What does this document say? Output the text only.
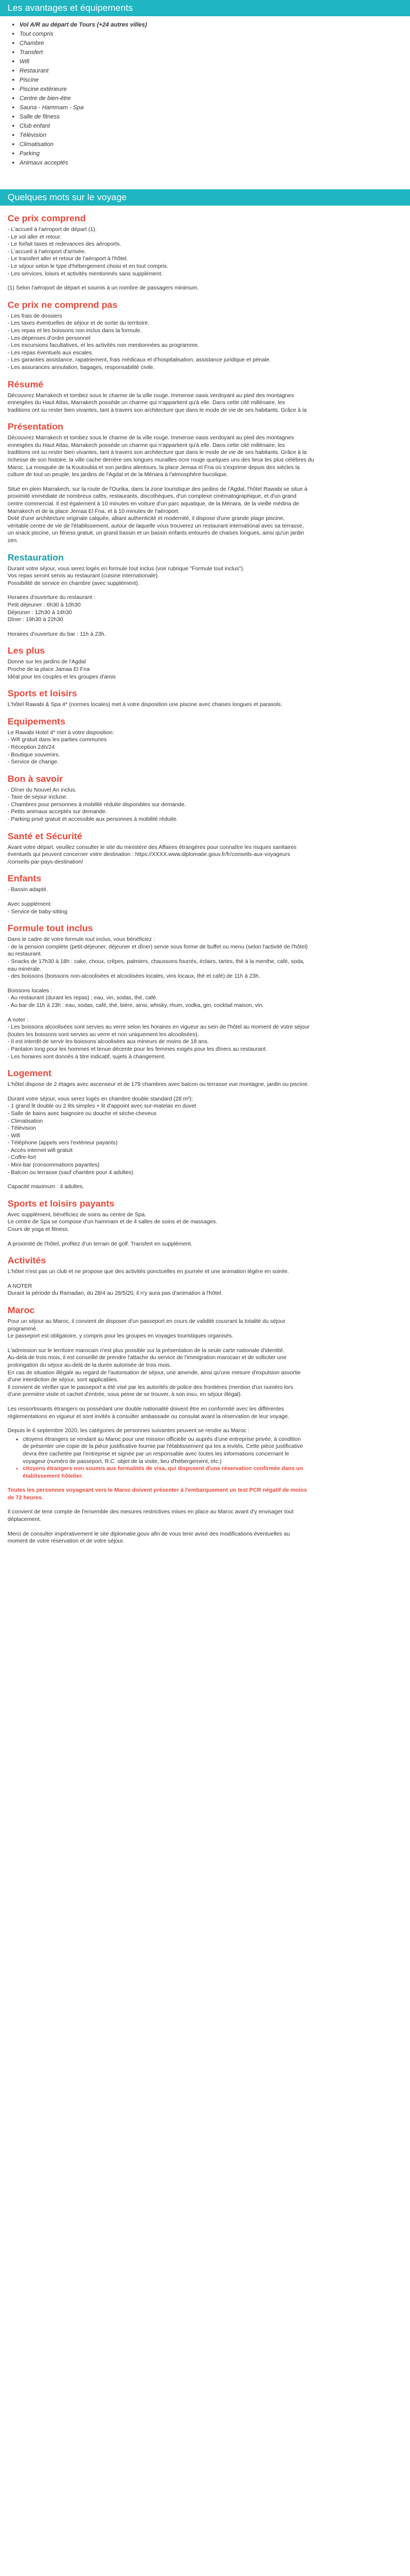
Les avantages et équipements
▪ Vol A/R au départ de Tours (+24 autres villes)
▪ Tout compris
▪ Chambre
▪ Transfert
▪ Wifi
▪ Restaurant
▪ Piscine
▪ Piscine extérieure
▪ Centre de bien-être
▪ Sauna - Hammam - Spa
▪ Salle de fitness
▪ Club enfant
▪ Télévision
▪ Climatisation
▪ Parking
▪ Animaux acceptés
Quelques mots sur le voyage
Ce prix comprend

- L'accueil à l'aéroport de départ (1).

- Le vol aller et retour.

- Le forfait taxes et redevances des aéroports.

- L'accueil à l'aéroport d'arrivée.

- Le transfert aller et retour de l'aéroport à l'hôtel.

- Le séjour selon le type d'hébergement choisi et en tout compris.

- Les services, loisirs et activités mentionnés sans supplément.

(1) Selon l'aéroport de départ et soumis à un nombre de passagers minimum.

Ce prix ne comprend pas

- Les frais de dossiers

- Les taxes éventuelles de séjour et de sortie du territoire.

- Les repas et les boissons non inclus dans la formule.

- Les dépenses d'ordre personnel

- Les excursions facultatives, et les activités non mentionnées au programme.

- Les repas éventuels aux escales.

- Les garanties assistance, rapatriement, frais médicaux et d'hospitalisation, assistance juridique et pénale.

- Les assurances annulation, bagages, responsabilité civile.

Résumé

Découvrez Marrakech et tombez sous le charme de la ville rouge. Immense oasis verdoyant au pied des montagnes

enneigées du Haut Atlas, Marrakech possède un charme qui n'appartient qu'à elle. Dans cette cité millénaire, les

traditions ont su rester bien vivantes, tant à travers son architecture que dans le mode de vie de ses habitants. Grâce à la

Présentation

Découvrez Marrakech et tombez sous le charme de la ville rouge. Immense oasis verdoyant au pied des montagnes

enneigées du Haut Atlas, Marrakech possède un charme qui n'appartient qu'à elle. Dans cette cité millénaire, les

traditions ont su rester bien vivantes, tant à travers son architecture que dans le mode de vie de ses habitants. Grâce à la

richesse de son histoire, la ville cache derrière ses longues murailles ocre rouge quelques uns des lieux les plus célèbres du

Maroc. La mosquée de la Koutoubia et son jardins alentours, la place Jemaa el Fna où s'exprime depuis des siècles la

culture de tout un peuple, les jardins de l'Agdal et de la Ménara à l'atmosphère bucolique.

Situé en plein Marrakech, sur la route de l'Ourika, dans la zone touristique des jardins de l'Agdal, l'hôtel Rawabi se situe à

proximité immédiate de nombreux cafés, restaurants, discothèques, d'un complexe cinématographique, et d'un grand

centre commercial. Il est également à 10 minutes en voiture d'un parc aquatique, de la Ménara, de la vieille médina de

Marrakech et de la place Jemaa El Fna, et à 10 minutes de l'aéroport.

Doté d'une architecture originale calquée, alliant authenticité et modernité, il dispose d'une grande plage piscine,

véritable centre de vie de l'établissement, autour de laquelle vous trouverez un restaurant international avec sa terrasse,

un snack piscine, un fitness gratuit, un grand bassin et un bassin enfants entourés de chaises longues, ainsi qu'un jardin

zen.

Restauration

Durant votre séjour, vous serez logés en formule tout inclus (voir rubrique "Formule tout inclus").

Vos repas seront servis au restaurant (cuisine internationale).

Possibilité de service en chambre (avec supplément).

Horaires d'ouverture du restaurant :

Petit déjeuner : 6h30 à 10h30

Déjeuner : 12h30 à 14h30

Dîner : 19h30 à 22h30

Horaires d'ouverture du bar : 11h à 23h.

Les plus

Donne sur les jardins de l'Agdal

Proche de la place Jamaa El Fna

Idéal pour les couples et les groupes d'amis

Sports et loisirs

L'hôtel Rawabi & Spa 4* (normes locales) met à votre disposition une piscine avec chaises longues et parasols.

Equipements

Le Rawabi Hotel 4* met à votre disposition:

- Wifi gratuit dans les parties communes

- Réception 24h/24

- Boutique souvenirs.

- Service de change.

Bon à savoir

- Dîner du Nouvel An inclus.

- Taxe de séjour incluse.

- Chambres pour personnes à mobilité réduite disponibles sur demande.

- Petits animaux acceptés sur demande.

- Parking privé gratuit et accessible aux personnes à mobilité réduite.

Santé et Sécurité

Avant votre départ, veuillez consulter le site du ministère des Affaires étrangères pour connaître les risques sanitaires

éventuels qui peuvent concerner votre destination : https://XXXX.www.diplomatie.gouv.fr/fr/conseils-aux-voyageurs

/conseils-par-pays-destination/

Enfants

- Bassin adapté.

Avec supplément:

- Service de baby-sitting

Formule tout inclus

Dans le cadre de votre formule tout inclus, vous bénéficiez :

- de la pension complète (petit-déjeuner, déjeuner et dîner) servie sous forme de buffet ou menu (selon l'activité de l'hôtel)

au restaurant.

- Snacks de 17h30 à 18h : cake, choux, crêpes, palmiers, chaussons fourrés, éclairs, tartes, thé à la menthe, café, soda,

eau minérale.

- des boissons (boissons non-alcoolisées et alcoolisées locales, vins locaux, thé et café) de 11h à 23h.

Boissons locales :

- Au restaurant (durant les repas) : eau, vin, sodas, thé, café.

- Au bar de 11h à 23h : eau, sodas, café, thé, bière, ainsi, whisky, rhum, vodka, gin, cocktail maison, vin.

A noter :

- Les boissons alcoolisées sont servies au verre selon les horaires en vigueur au sein de l'hôtel au moment de votre séjour

(toutes les boissons sont servies au verre et non uniquement les alcoolisées).

- Il est interdit de servir les boissons alcoolisées aux mineurs de moins de 18 ans.

- Pantalon long pour les hommes et tenue décente pour les femmes exigés pour les dîners au restaurant.

- Les horaires sont donnés à titre indicatif, sujets à changement.

Logement

L'hôtel dispose de 2 étages avec ascenseur et de 179 chambres avec balcon ou terrasse vue montagne, jardin ou piscine.

Durant votre séjour, vous serez logés en chambre double standard (28 m²):

- 1 grand lit double ou 2 lits simples + lit d'appoint avec sur-matelas en duvet

- Salle de bains avec baignoire ou douche et sèche-cheveux

- Climatisation

- Télévision

- Wifi

- Téléphone (appels vers l'extérieur payants)

- Accès internet wifi gratuit

- Coffre-fort

- Mini-bar (consommations payantes)

- Balcon ou terrasse (sauf chambre pour 4 adultes)

Capacité maximum : 4 adultes.

Sports et loisirs payants

Avec supplément, bénéficiez de soins au centre de Spa.

Le centre de Spa se compose d'un hammam et de 4 salles de soins et de massages.

Cours de yoga et fitness.

A proximité de l'hôtel, profitez d'un terrain de golf. Transfert en supplément.

Activités

L'hôtel n'est pas un club et ne propose que des activités ponctuelles en journée et une animation légère en soirée.

A NOTER

Durant la période du Ramadan, du 28/4 au 28/5/20, il n'y aura pas d'animation à l'hôtel.

Maroc

Pour un séjour au Maroc, il convient de disposer d'un passeport en cours de validité couvrant la totalité du séjour

programmé.

Le passeport est obligatoire, y compris pour les groupes en voyages touristiques organisés.

L'admission sur le territoire marocain n'est plus possible sur la présentation de la seule carte nationale d'identité.

Au-delà de trois mois, il est conseillé de prendre l'attache du service de l'immigration marocain et de solliciter une

prolongation du séjour au-delà de la durée autorisée de trois mois.

En cas de situation illégale au regard de l'autorisation de séjour, une amende, ainsi qu'une mesure d'expulsion assortie

d'une interdiction de séjour, sont applicables.

Il convient de vérifier que le passeport a été visé par les autorités de police des frontières (mention d'un numéro lors

d'une première visite et cachet d'entrée, sous peine de se trouver, à son insu, en séjour illégal).

Les ressortissants étrangers ou possédant une double nationalité doivent être en conformité avec les différentes

réglementations en vigueur et sont invités à consulter ambassade ou consulat avant la réservation de leur voyage.

Depuis le 6 septembre 2020, les catégories de personnes suivantes peuvent se rendre au Maroc :

• citoyens étrangers se rendant au Maroc pour une mission officielle ou auprès d'une entreprise privée, à condition
de présenter une copie de la pièce justificative fournie par l'établissement qui les a invités. Cette pièce justificative
devra être cachetée par l'entreprise et signée par un responsable avec toutes les informations concernant le
voyageur (numéro de passeport, R.C. objet de la visite, lieu d'hébergement, etc.)
• citoyens étrangers non soumis aux formalités de visa, qui disposent d'une réservation confirmée dans un
établissement hôtelier.

Toutes les personnes voyageant vers le Maroc doivent présenter à l'embarquement un test PCR négatif de moins

de 72 heures.

Il convient de tenir compte de l'ensemble des mesures restrictives mises en place au Maroc avant d'y envisager tout

déplacement.

Merci de consulter impérativement le site diplomatie.gouv afin de vous tenir avisé des modifications éventuelles au

moment de votre réservation et de votre séjour.
